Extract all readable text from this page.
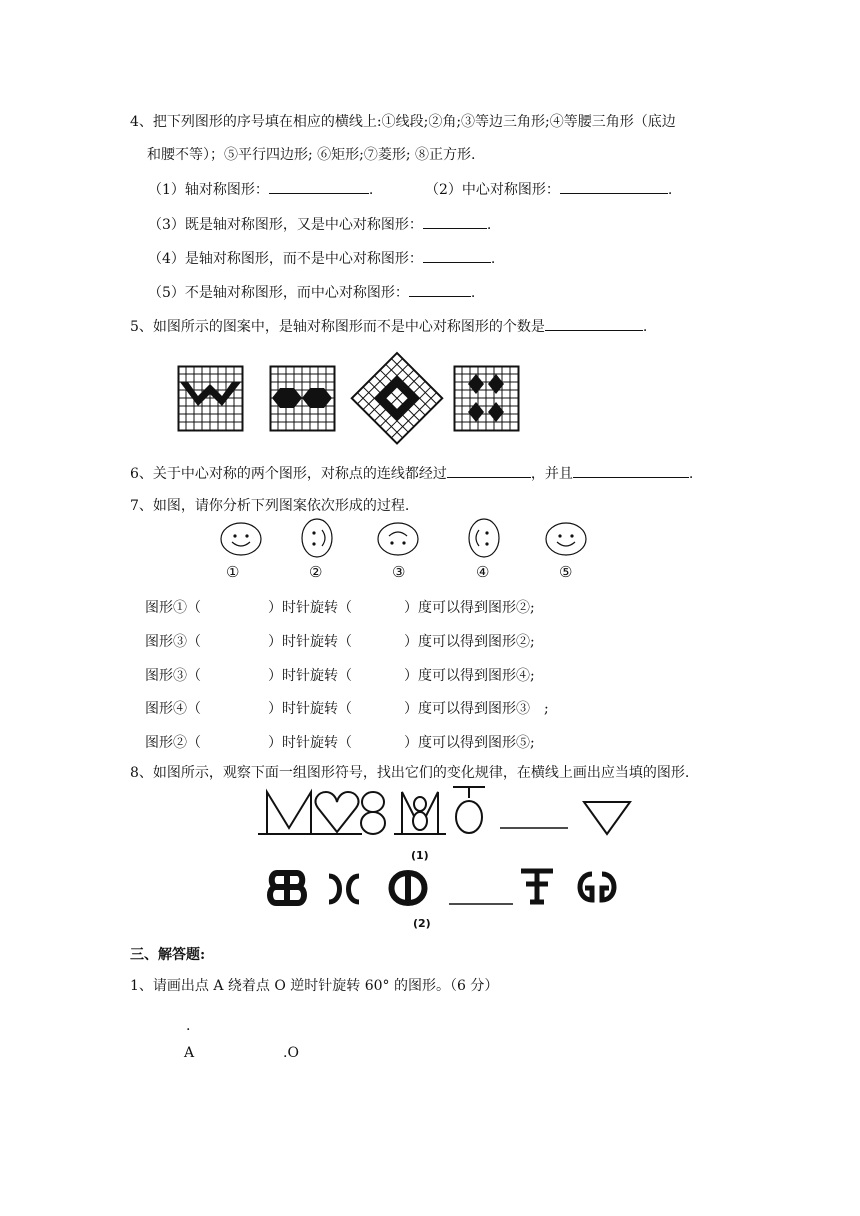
4、把下列图形的序号填在相应的横线上:①线段;②角;③等边三角形;④等腰三角形（底边
和腰不等）；⑤平行四边形; ⑥矩形;⑦菱形; ⑧正方形.
（1）轴对称图形：	.	（2）中心对称图形：	.
（3）既是轴对称图形，又是中心对称图形：	.
（4）是轴对称图形，而不是中心对称图形：	.
（5）不是轴对称图形，而中心对称图形：	.
5、如图所示的图案中，是轴对称图形而不是中心对称图形的个数是	.
6、关于中心对称的两个图形，对称点的连线都经过	，并且	.
7、如图，请你分析下列图案依次形成的过程.
①	②	③	④	⑤
图形①（	）时针旋转（	）度可以得到图形②;
图形③（	）时针旋转（	）度可以得到图形②;
图形③（	）时针旋转（	）度可以得到图形④;
图形④（	）时针旋转（	）度可以得到图形③　;
图形②（	）时针旋转（	）度可以得到图形⑤;
8、如图所示，观察下面一组图形符号，找出它们的变化规律，在横线上画出应当填的图形.
(1)
(2)
三、解答题:
1、请画出点 A 绕着点 O 逆时针旋转 60° 的图形。（6 分）
.
A	.O
